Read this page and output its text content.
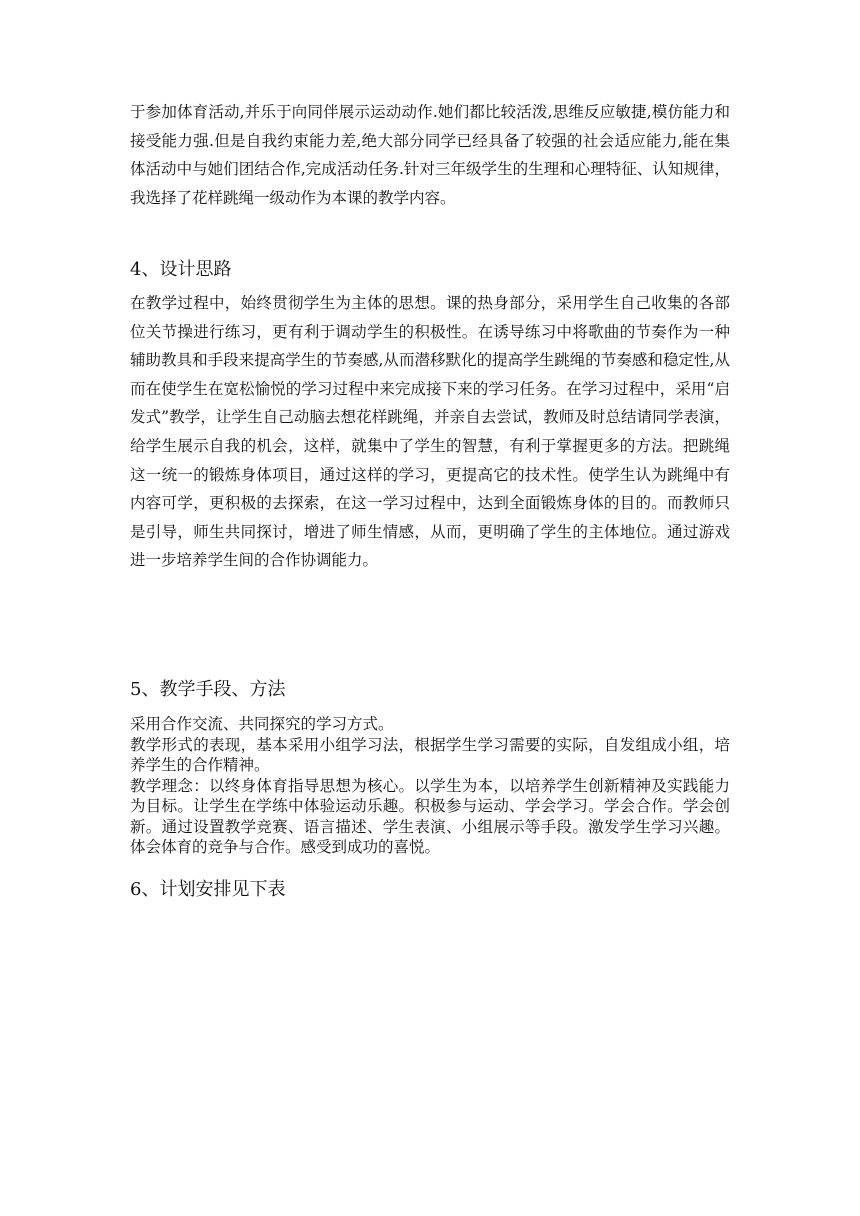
于参加体育活动,并乐于向同伴展示运动动作.她们都比较活泼,思维反应敏捷,模仿能力和接受能力强.但是自我约束能力差,绝大部分同学已经具备了较强的社会适应能力,能在集体活动中与她们团结合作,完成活动任务.针对三年级学生的生理和心理特征、认知规律，我选择了花样跳绳一级动作为本课的教学内容。

4、设计思路

在教学过程中，始终贯彻学生为主体的思想。课的热身部分，采用学生自己收集的各部位关节操进行练习，更有利于调动学生的积极性。在诱导练习中将歌曲的节奏作为一种辅助教具和手段来提高学生的节奏感,从而潜移默化的提高学生跳绳的节奏感和稳定性,从而在使学生在宽松愉悦的学习过程中来完成接下来的学习任务。在学习过程中，采用“启发式”教学，让学生自己动脑去想花样跳绳，并亲自去尝试，教师及时总结请同学表演，给学生展示自我的机会，这样，就集中了学生的智慧，有利于掌握更多的方法。把跳绳这一统一的锻炼身体项目，通过这样的学习，更提高它的技术性。使学生认为跳绳中有内容可学，更积极的去探索，在这一学习过程中，达到全面锻炼身体的目的。而教师只是引导，师生共同探讨，增进了师生情感，从而，更明确了学生的主体地位。通过游戏进一步培养学生间的合作协调能力。

5、教学手段、方法

采用合作交流、共同探究的学习方式。
教学形式的表现，基本采用小组学习法，根据学生学习需要的实际，自发组成小组，培养学生的合作精神。
教学理念：以终身体育指导思想为核心。以学生为本，以培养学生创新精神及实践能力为目标。让学生在学练中体验运动乐趣。积极参与运动、学会学习。学会合作。学会创新。通过设置教学竞赛、语言描述、学生表演、小组展示等手段。激发学生学习兴趣。体会体育的竞争与合作。感受到成功的喜悦。

6、计划安排见下表
